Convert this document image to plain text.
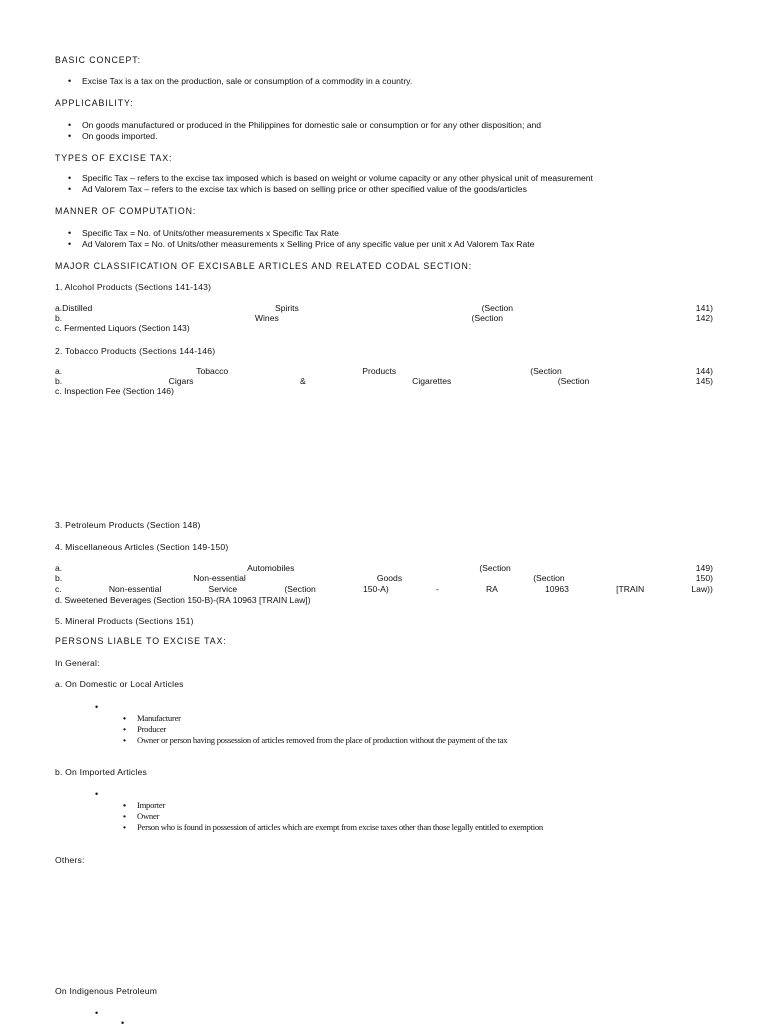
BASIC CONCEPT:
• Excise Tax is a tax on the production, sale or consumption of a commodity in a country.
APPLICABILITY:
• On goods manufactured or produced in the Philippines for domestic sale or consumption or for any other disposition; and
• On goods imported.
TYPES OF EXCISE TAX:
• Specific Tax – refers to the excise tax imposed which is based on weight or volume capacity or any other physical unit of measurement
• Ad Valorem Tax – refers to the excise tax which is based on selling price or other specified value of the goods/articles
MANNER OF COMPUTATION:
• Specific Tax = No. of Units/other measurements x Specific Tax Rate
• Ad Valorem Tax = No. of Units/other measurements x Selling Price of any specific value per unit x Ad Valorem Tax Rate
MAJOR CLASSIFICATION OF EXCISABLE ARTICLES AND RELATED CODAL SECTION:
1. Alcohol Products (Sections 141-143)
a.Distilled	Spirits	(Section	141)
b.	Wines	(Section	142)
c. Fermented Liquors (Section 143)
2. Tobacco Products (Sections 144-146)
a.	Tobacco	Products	(Section	144)
b.	Cigars	&	Cigarettes	(Section	145)
c. Inspection Fee (Section 146)
3. Petroleum Products (Section 148)
4. Miscellaneous Articles (Section 149-150)
a.	Automobiles	(Section	149)
b.	Non-essential	Goods	(Section	150)
c.	Non-essential	Service	(Section	150-A)	-	RA	10963	[TRAIN	Law))
d. Sweetened Beverages (Section 150-B)-(RA 10963 [TRAIN Law])
5. Mineral Products (Sections 151)
PERSONS LIABLE TO EXCISE TAX:
In General:
a. On Domestic or Local Articles
•
• Manufacturer
• Producer
• Owner or person having possession of articles removed from the place of production without the payment of the tax
b. On Imported Articles
•
• Importer
• Owner
• Person who is found in possession of articles which are exempt from excise taxes other than those legally entitled to exemption
Others:
On Indigenous Petroleum
•
•
